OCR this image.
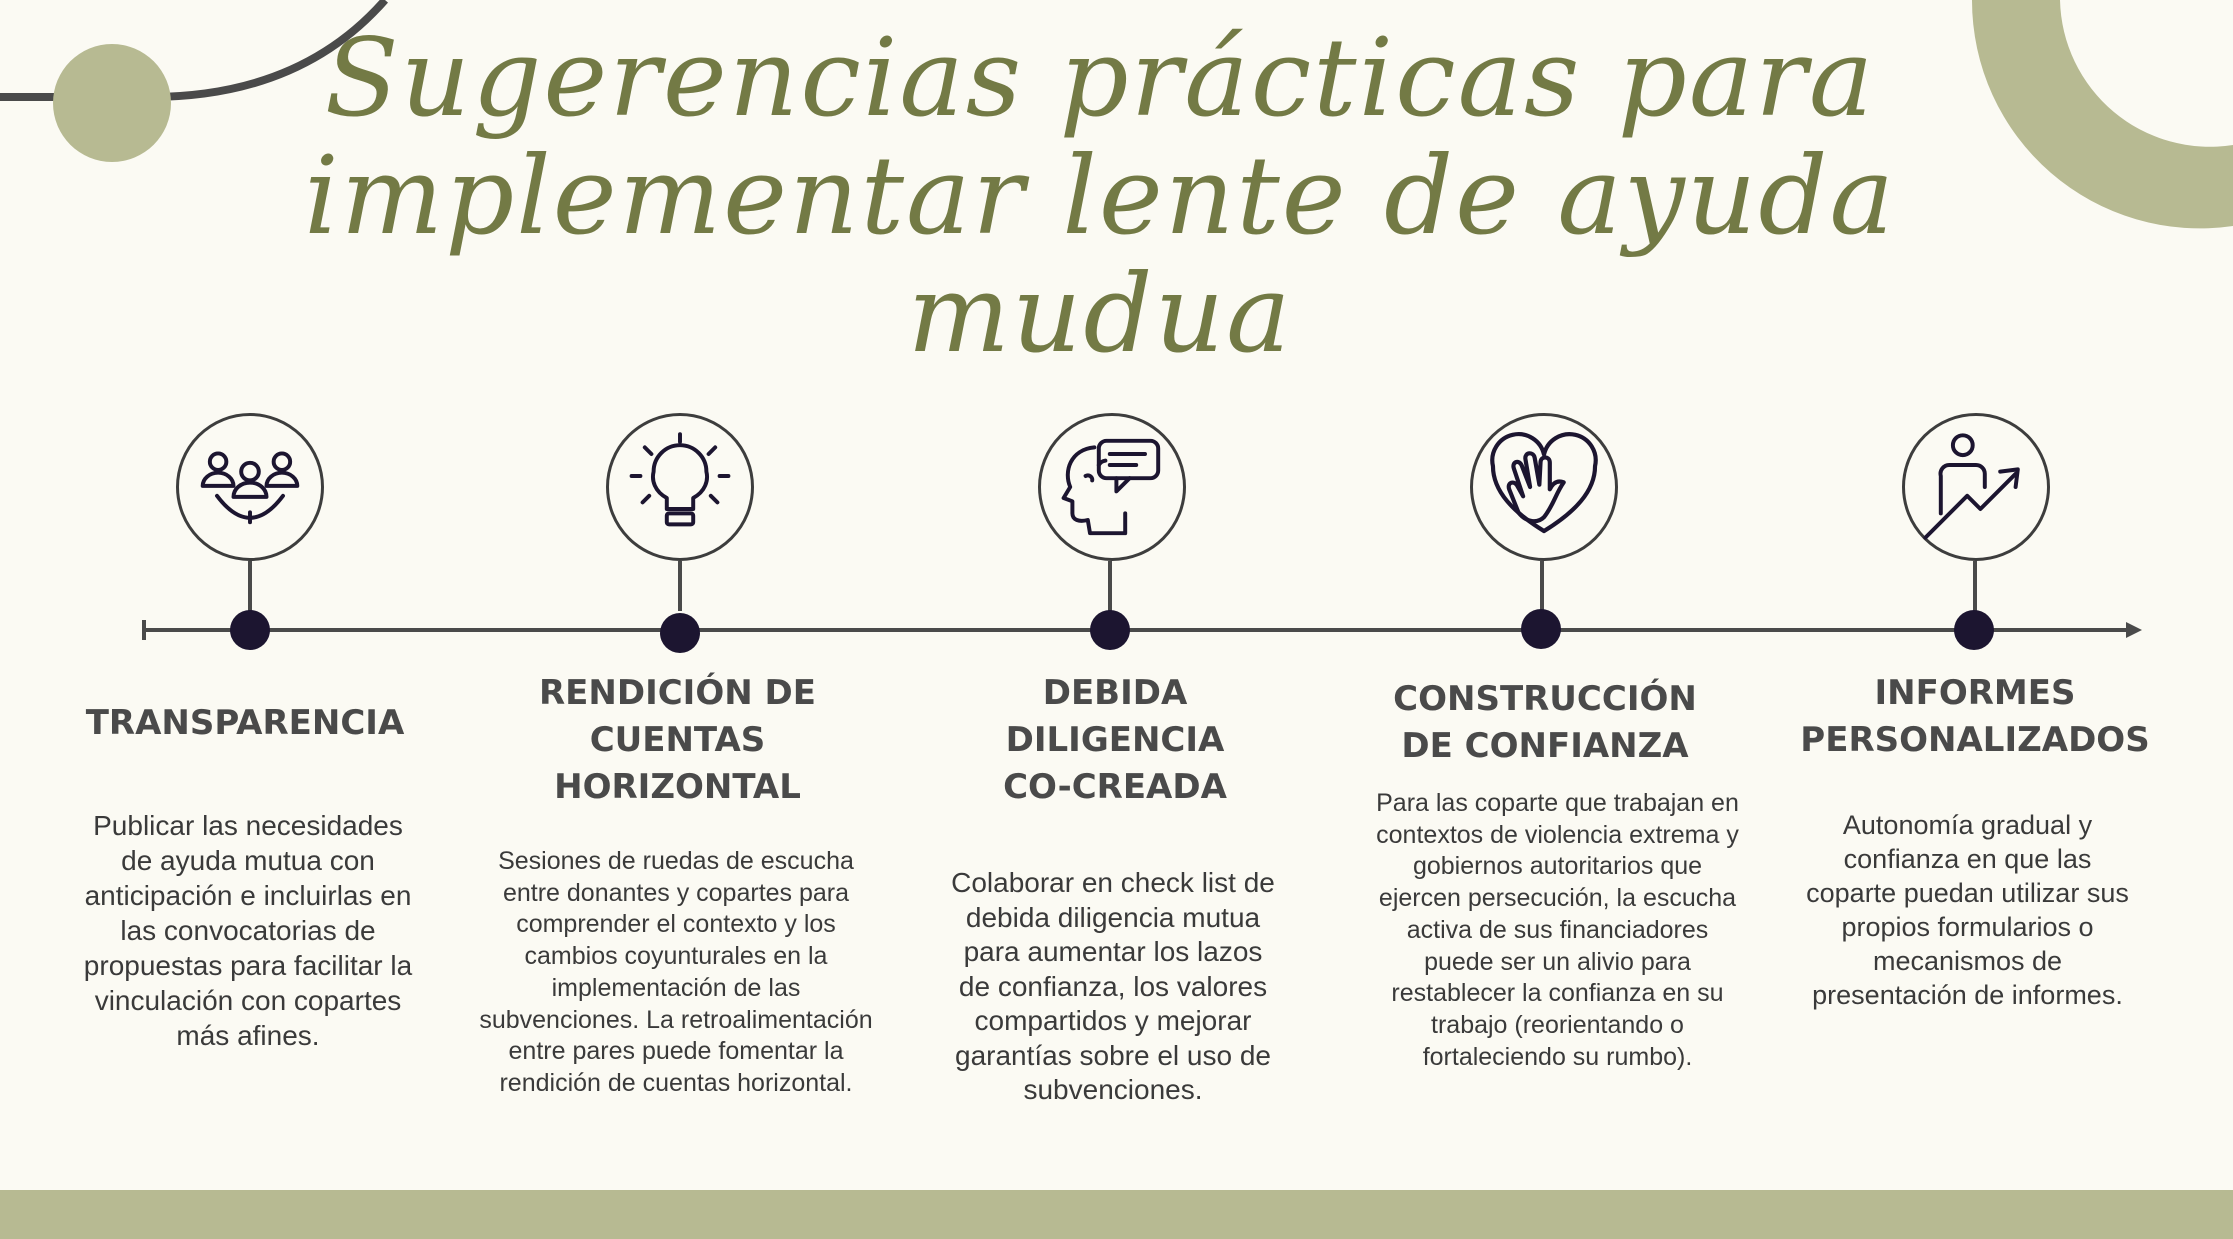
Sugerencias prácticas para
implementar lente de ayuda
mudua
TRANSPARENCIA
Publicar las necesidades de ayuda mutua con anticipación e incluirlas en las convocatorias de propuestas para facilitar la vinculación con copartes más afines.
RENDICIÓN DE CUENTAS HORIZONTAL
Sesiones de ruedas de escucha entre donantes y copartes para comprender el contexto y los cambios coyunturales en la implementación de las subvenciones. La retroalimentación entre pares puede fomentar la rendición de cuentas horizontal.
DEBIDA DILIGENCIA CO-CREADA
Colaborar en check list de debida diligencia mutua para aumentar los lazos de confianza, los valores compartidos y mejorar garantías sobre el uso de subvenciones.
CONSTRUCCIÓN DE CONFIANZA
Para las coparte que trabajan en contextos de violencia extrema y gobiernos autoritarios que ejercen persecución, la escucha activa de sus financiadores puede ser un alivio para restablecer la confianza en su trabajo (reorientando o fortaleciendo su rumbo).
INFORMES PERSONALIZADOS
Autonomía gradual y confianza en que las coparte puedan utilizar sus propios formularios o mecanismos de presentación de informes.
